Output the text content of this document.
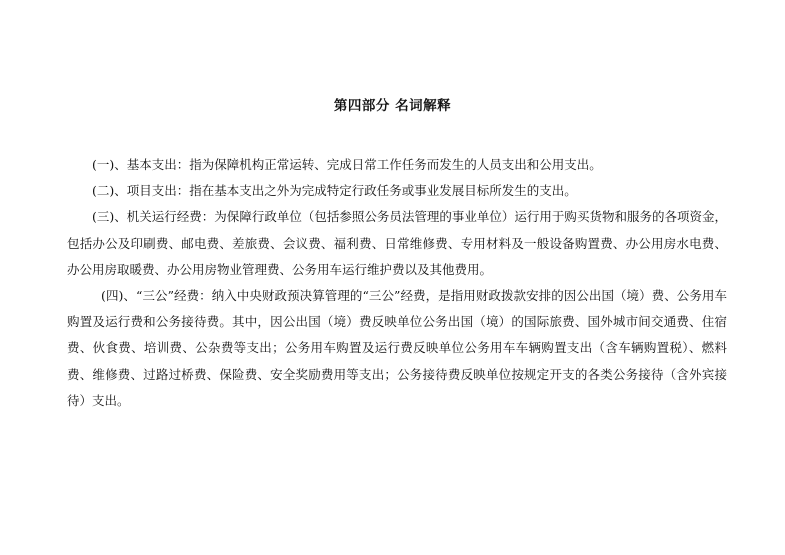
第四部分 名词解释

(一)、基本支出：指为保障机构正常运转、完成日常工作任务而发生的人员支出和公用支出。

(二)、项目支出：指在基本支出之外为完成特定行政任务或事业发展目标所发生的支出。

(三)、机关运行经费：为保障行政单位（包括参照公务员法管理的事业单位）运行用于购买货物和服务的各项资金，包括办公及印刷费、邮电费、差旅费、会议费、福利费、日常维修费、专用材料及一般设备购置费、办公用房水电费、办公用房取暖费、办公用房物业管理费、公务用车运行维护费以及其他费用。

(四)、“三公”经费：纳入中央财政预决算管理的“三公”经费，是指用财政拨款安排的因公出国（境）费、公务用车购置及运行费和公务接待费。其中，因公出国（境）费反映单位公务出国（境）的国际旅费、国外城市间交通费、住宿费、伙食费、培训费、公杂费等支出；公务用车购置及运行费反映单位公务用车车辆购置支出（含车辆购置税）、燃料费、维修费、过路过桥费、保险费、安全奖励费用等支出；公务接待费反映单位按规定开支的各类公务接待（含外宾接待）支出。
